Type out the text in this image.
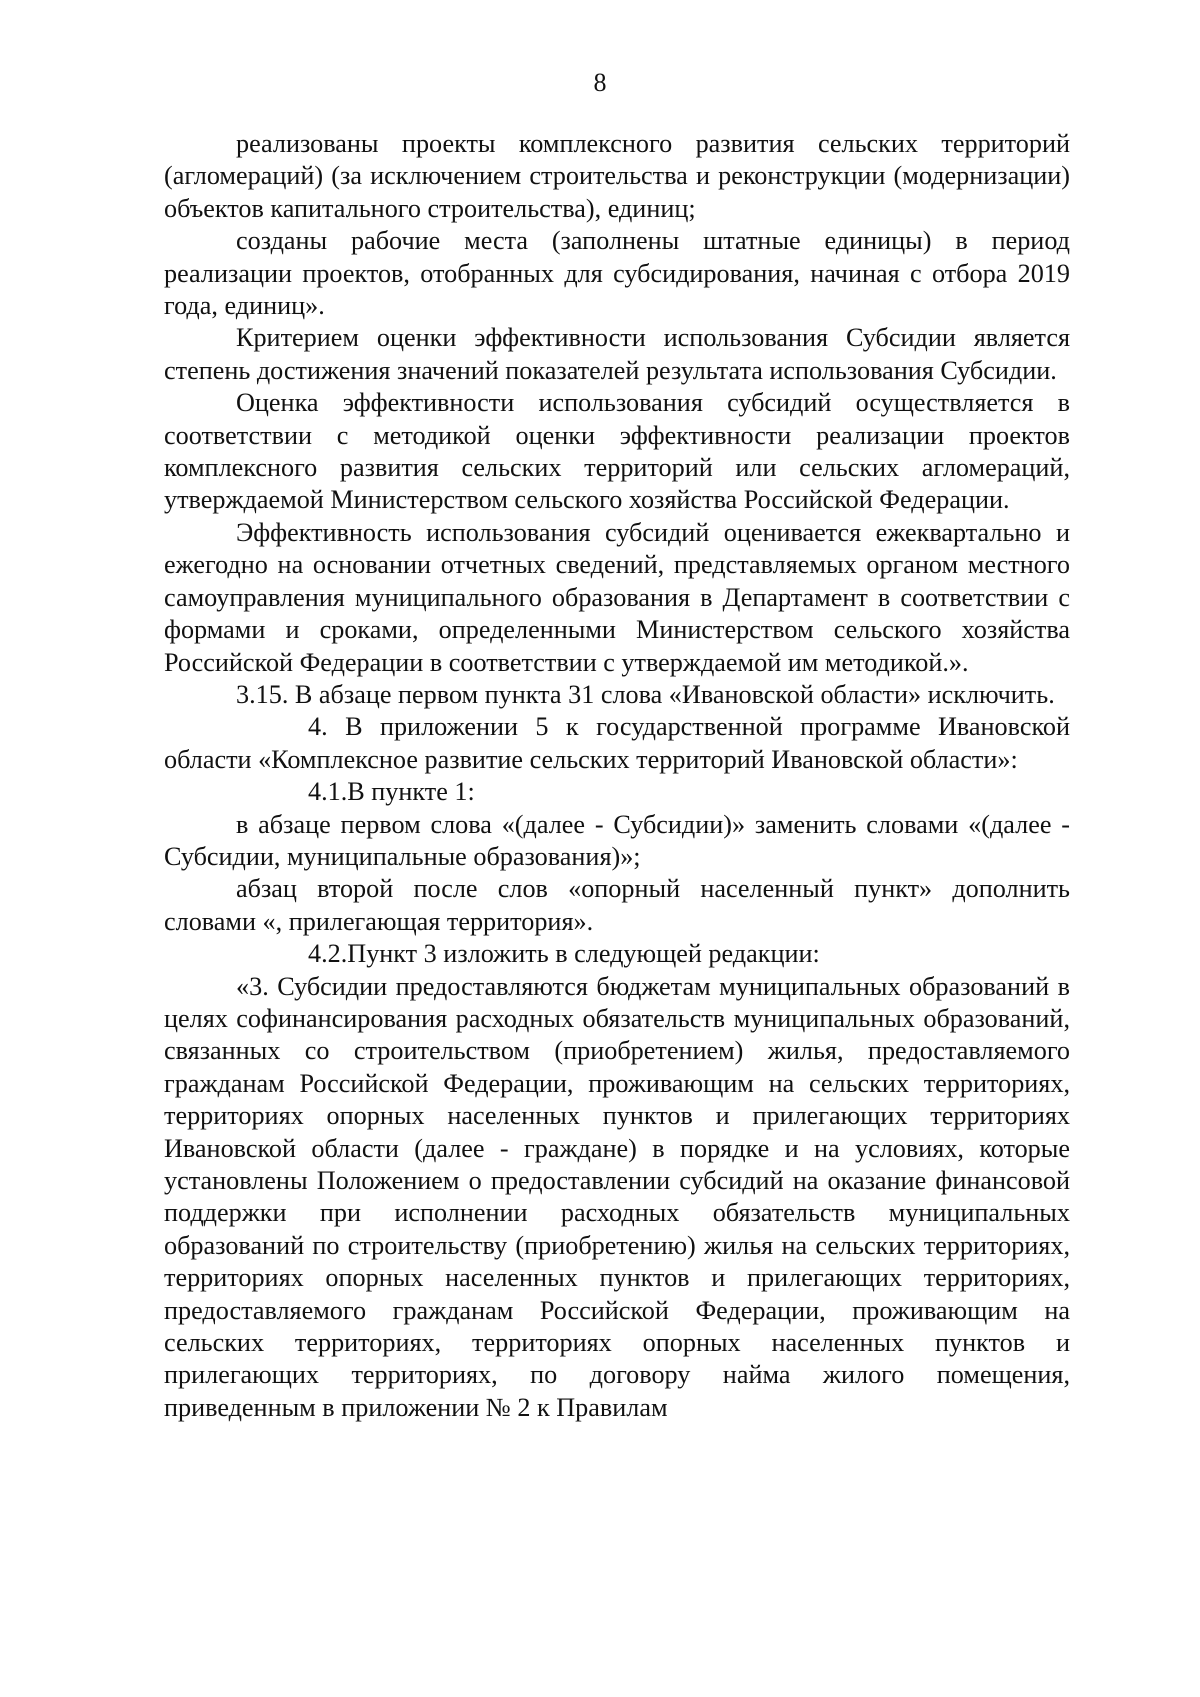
8

реализованы проекты комплексного развития сельских территорий (агломераций) (за исключением строительства и реконструкции (модернизации) объектов капитального строительства), единиц;

созданы рабочие места (заполнены штатные единицы) в период реализации проектов, отобранных для субсидирования, начиная с отбора 2019 года, единиц».

Критерием оценки эффективности использования Субсидии является степень достижения значений показателей результата использования Субсидии.

Оценка эффективности использования субсидий осуществляется в соответствии с методикой оценки эффективности реализации проектов комплексного развития сельских территорий или сельских агломераций, утверждаемой Министерством сельского хозяйства Российской Федерации.

Эффективность использования субсидий оценивается ежеквартально и ежегодно на основании отчетных сведений, представляемых органом местного самоуправления муниципального образования в Департамент в соответствии с формами и сроками, определенными Министерством сельского хозяйства Российской Федерации в соответствии с утверждаемой им методикой.».

3.15. В абзаце первом пункта 31 слова «Ивановской области» исключить.

4. В приложении 5 к государственной программе Ивановской области «Комплексное развитие сельских территорий Ивановской области»:

4.1.В пункте 1:

в абзаце первом слова «(далее - Субсидии)» заменить словами «(далее - Субсидии, муниципальные образования)»;

абзац второй после слов «опорный населенный пункт» дополнить словами «, прилегающая территория».

4.2.Пункт 3 изложить в следующей редакции:

«3. Субсидии предоставляются бюджетам муниципальных образований в целях софинансирования расходных обязательств муниципальных образований, связанных со строительством (приобретением) жилья, предоставляемого гражданам Российской Федерации, проживающим на сельских территориях, территориях опорных населенных пунктов и прилегающих территориях Ивановской области (далее - граждане) в порядке и на условиях, которые установлены Положением о предоставлении субсидий на оказание финансовой поддержки при исполнении расходных обязательств муниципальных образований по строительству (приобретению) жилья на сельских территориях, территориях опорных населенных пунктов и прилегающих территориях, предоставляемого гражданам Российской Федерации, проживающим на сельских территориях, территориях опорных населенных пунктов и прилегающих территориях, по договору найма жилого помещения, приведенным в приложении № 2 к Правилам
